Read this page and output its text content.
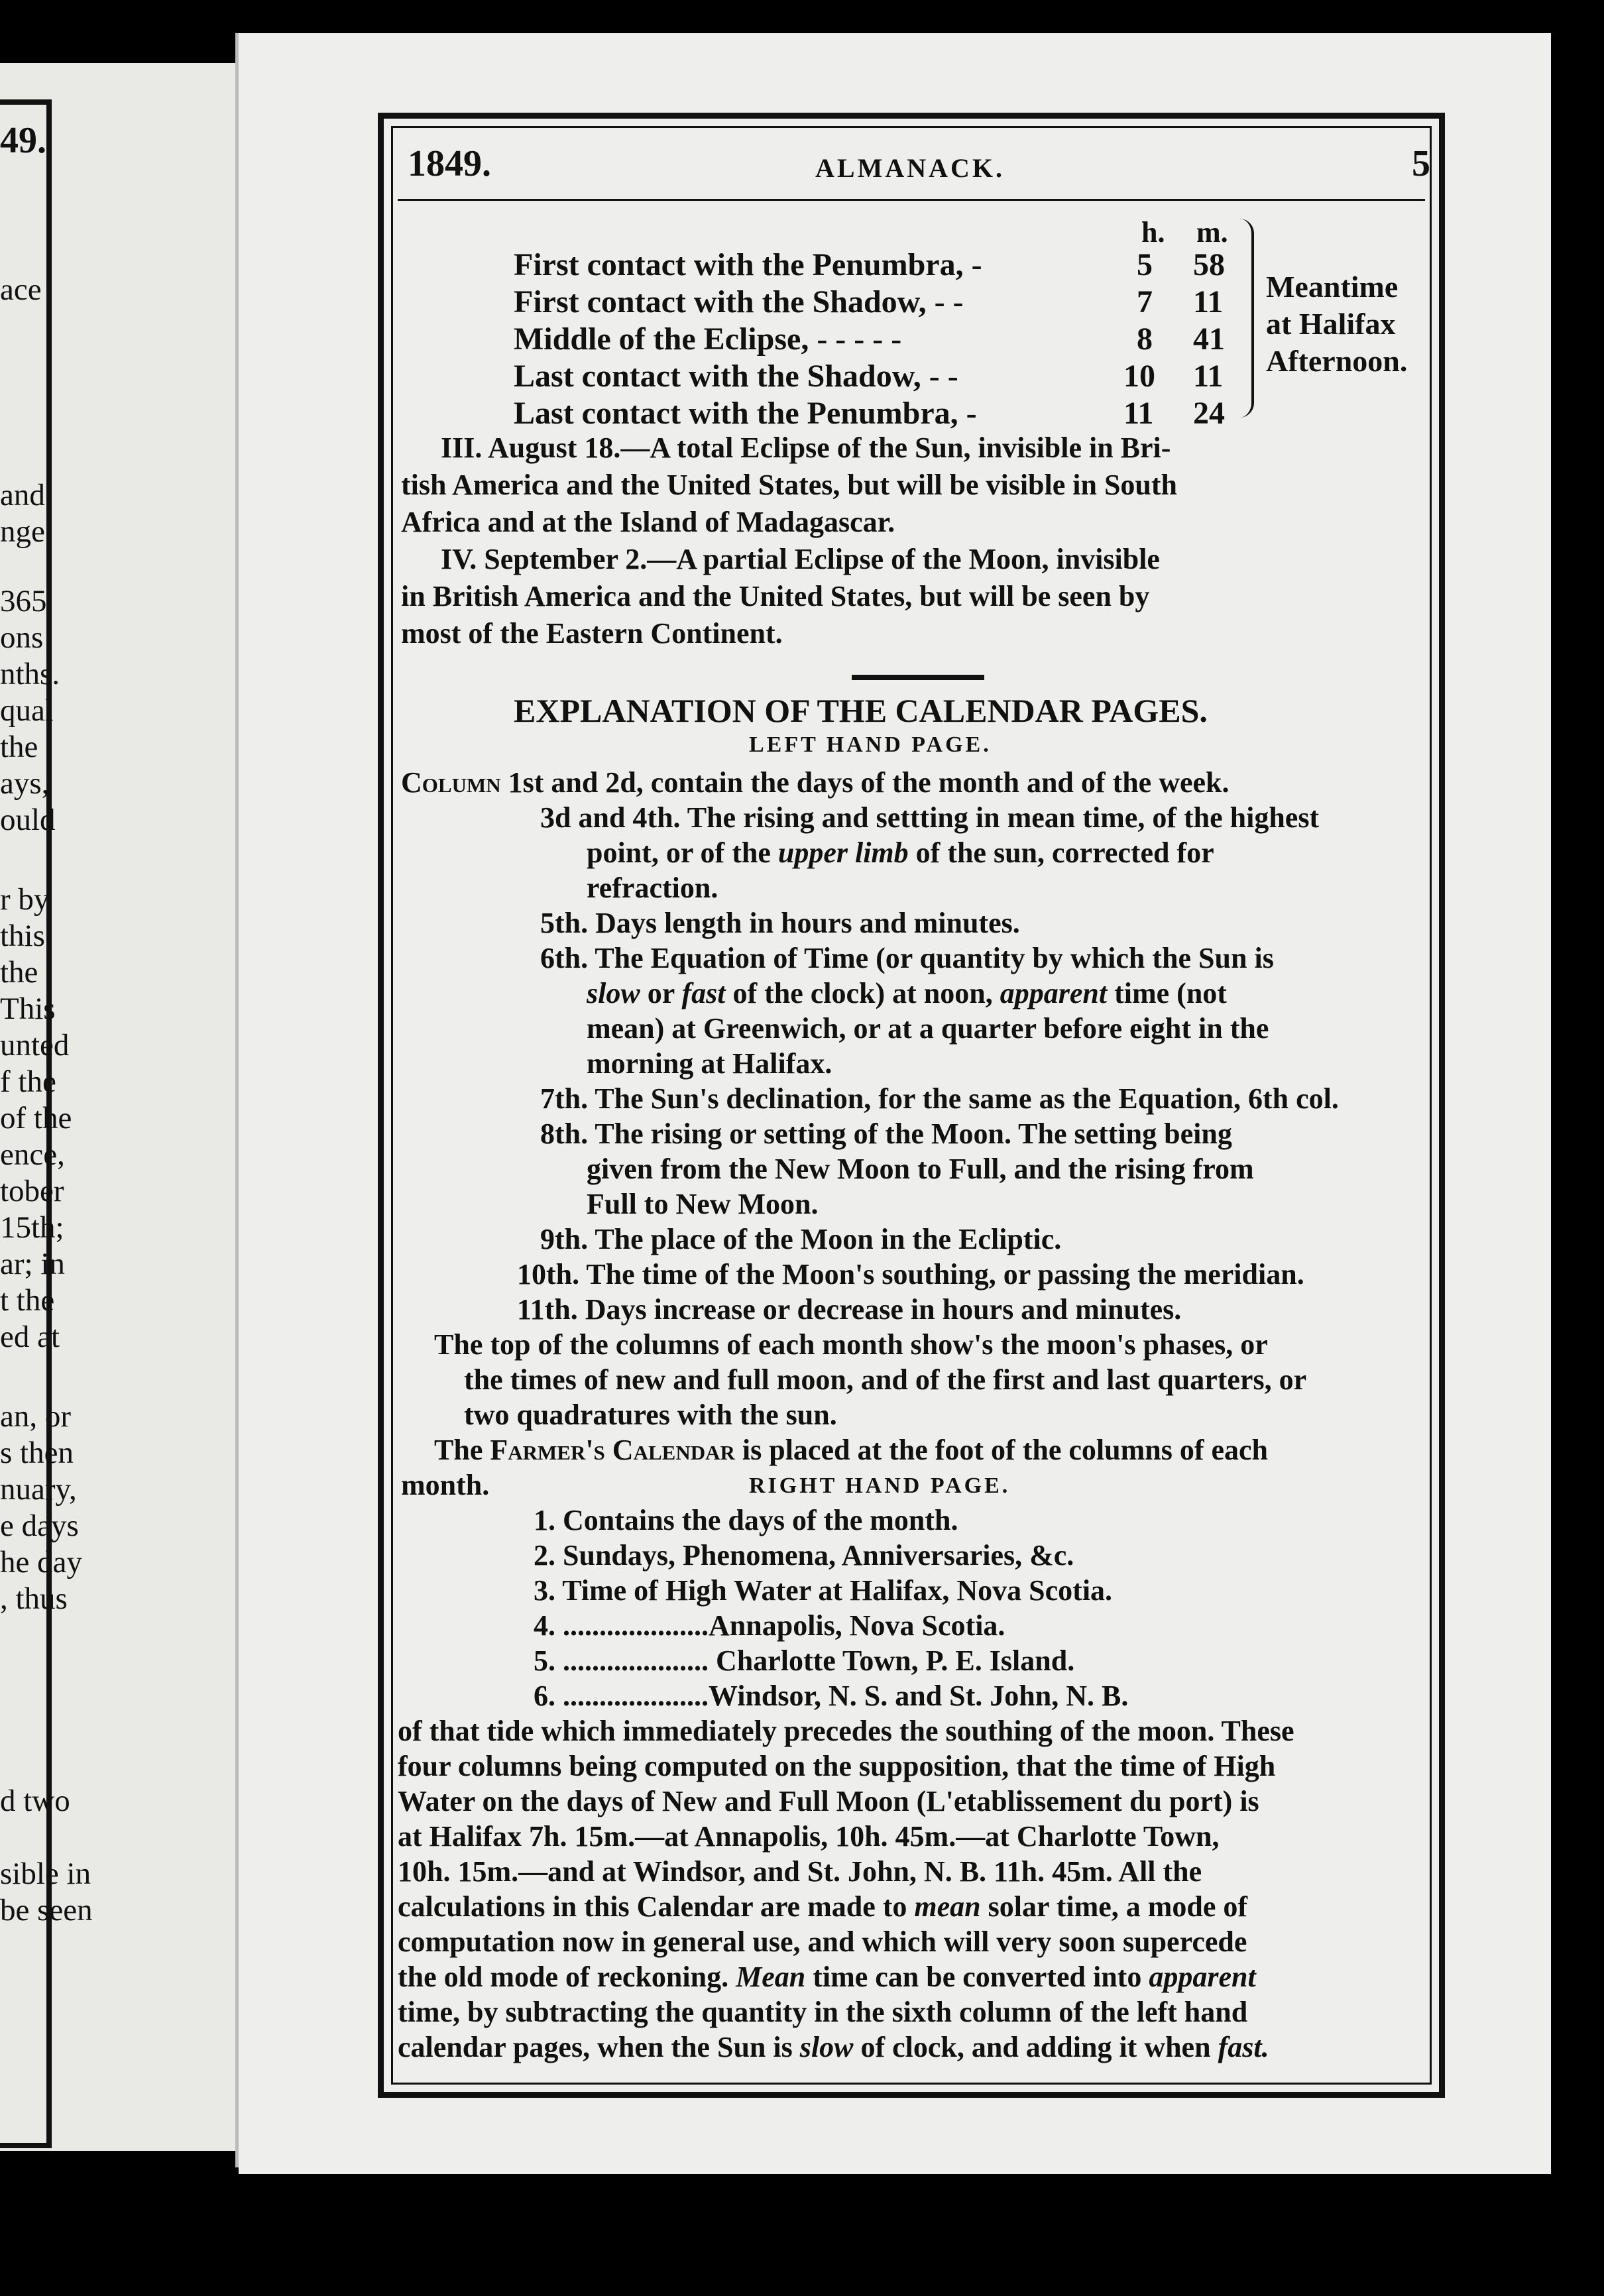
49.
ace
and
nge
365
ons
nths.
qual
the
ays,
ould
r by
this
the
This
unted
f the
of the
ence,
tober
15th;
ar; in
t the
ed at
an, or
s then
nuary,
e days
he day
, thus
d two
sible in
be seen
1849.	ALMANACK.	5
h. m.
First contact with the Penumbra, -	5 58
First contact with the Shadow, - -	7 11
Middle of the Eclipse, - - - - -	8 41
Last contact with the Shadow, - -	10 11
Last contact with the Penumbra, -	11 24
Meantime
at Halifax
Afternoon.
III. August 18.—A total Eclipse of the Sun, invisible in Bri-
tish America and the United States, but will be visible in South
Africa and at the Island of Madagascar.
IV. September 2.—A partial Eclipse of the Moon, invisible
in British America and the United States, but will be seen by
most of the Eastern Continent.
EXPLANATION OF THE CALENDAR PAGES.
LEFT HAND PAGE.
Column 1st and 2d, contain the days of the month and of the week.
3d and 4th. The rising and settting in mean time, of the highest
point, or of the upper limb of the sun, corrected for
refraction.
5th. Days length in hours and minutes.
6th. The Equation of Time (or quantity by which the Sun is
slow or fast of the clock) at noon, apparent time (not
mean) at Greenwich, or at a quarter before eight in the
morning at Halifax.
7th. The Sun's declination, for the same as the Equation, 6th col.
8th. The rising or setting of the Moon. The setting being
given from the New Moon to Full, and the rising from
Full to New Moon.
9th. The place of the Moon in the Ecliptic.
10th. The time of the Moon's southing, or passing the meridian.
11th. Days increase or decrease in hours and minutes.
The top of the columns of each month show's the moon's phases, or
the times of new and full moon, and of the first and last quarters, or
two quadratures with the sun.
The Farmer's Calendar is placed at the foot of the columns of each
month.	RIGHT HAND PAGE.
1. Contains the days of the month.
2. Sundays, Phenomena, Anniversaries, &c.
3. Time of High Water at Halifax, Nova Scotia.
4. ....................Annapolis, Nova Scotia.
5. .................... Charlotte Town, P. E. Island.
6. ....................Windsor, N. S. and St. John, N. B.
of that tide which immediately precedes the southing of the moon. These
four columns being computed on the supposition, that the time of High
Water on the days of New and Full Moon (L'etablissement du port) is
at Halifax 7h. 15m.—at Annapolis, 10h. 45m.—at Charlotte Town,
10h. 15m.—and at Windsor, and St. John, N. B. 11h. 45m. All the
calculations in this Calendar are made to mean solar time, a mode of
computation now in general use, and which will very soon supercede
the old mode of reckoning. Mean time can be converted into apparent
time, by subtracting the quantity in the sixth column of the left hand
calendar pages, when the Sun is slow of clock, and adding it when fast.
